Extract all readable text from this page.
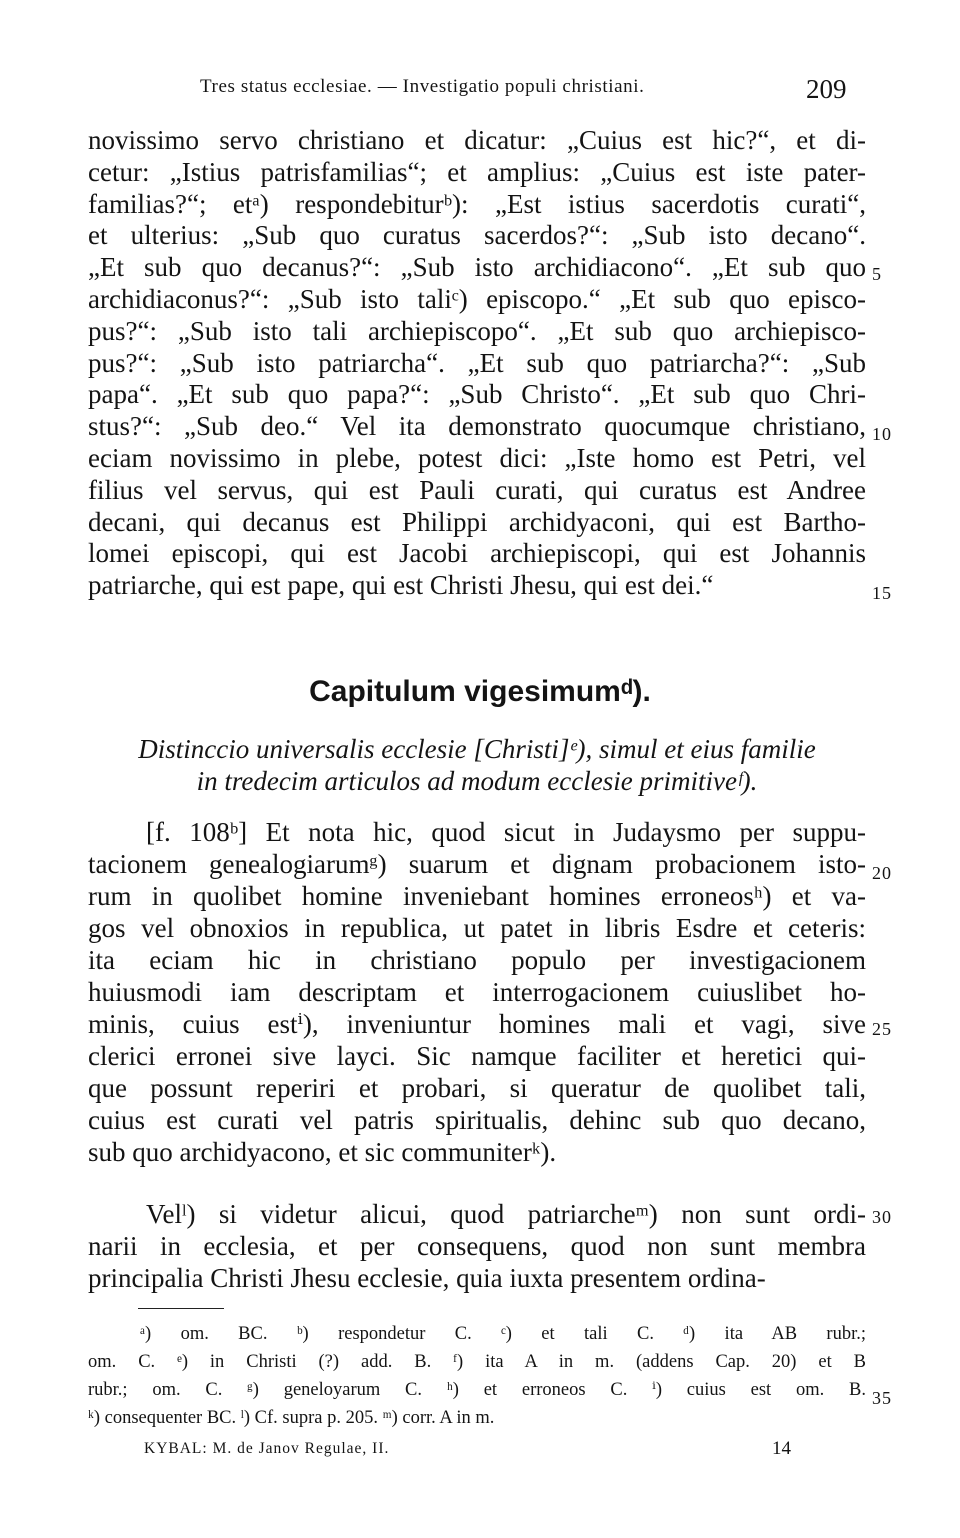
Tres status ecclesiae. — Investigatio populi christiani.	209
novissimo servo christiano et dicatur: „Cuius est hic?“, et di-
cetur: „Istius patrisfamilias“; et amplius: „Cuius est iste pater-
familias?“; etᵃ) respondebiturᵇ): „Est istius sacerdotis curati“,
et ulterius: „Sub quo curatus sacerdos?“: „Sub isto decano“.
„Et sub quo decanus?“: „Sub isto archidiacono“. „Et sub quo
archidiaconus?“: „Sub isto taliᶜ) episcopo.“ „Et sub quo episco-
pus?“: „Sub isto tali archiepiscopo“. „Et sub quo archiepisco-
pus?“: „Sub isto patriarcha“. „Et sub quo patriarcha?“: „Sub
papa“. „Et sub quo papa?“: „Sub Christo“. „Et sub quo Chri-
stus?“: „Sub deo.“ Vel ita demonstrato quocumque christiano,
eciam novissimo in plebe, potest dici: „Iste homo est Petri, vel
filius vel servus, qui est Pauli curati, qui curatus est Andree
decani, qui decanus est Philippi archidyaconi, qui est Bartho-
lomei episcopi, qui est Jacobi archiepiscopi, qui est Johannis
patriarche, qui est pape, qui est Christi Jhesu, qui est dei.“
5
10
15
Capitulum vigesimumᵈ).
Distinccio universalis ecclesie [Christi]ᵉ), simul et eius familie
in tredecim articulos ad modum ecclesie primitiveᶠ).
[f. 108ᵇ] Et nota hic, quod sicut in Judaysmo per suppu-
tacionem genealogiarumᵍ) suarum et dignam probacionem isto-
rum in quolibet homine inveniebant homines erroneosʰ) et va-
gos vel obnoxios in republica, ut patet in libris Esdre et ceteris:
ita eciam hic in christiano populo per investigacionem
huiusmodi iam descriptam et interrogacionem cuiuslibet ho-
minis, cuius estⁱ), inveniuntur homines mali et vagi, sive
clerici erronei sive layci. Sic namque faciliter et heretici qui-
que possunt reperiri et probari, si queratur de quolibet tali,
cuius est curati vel patris spiritualis, dehinc sub quo decano,
sub quo archidyacono, et sic communiterᵏ).
20
25
Velˡ) si videtur alicui, quod patriarcheᵐ) non sunt ordi-
narii in ecclesia, et per consequens, quod non sunt membra
principalia Christi Jhesu ecclesie, quia iuxta presentem ordina-
30
ᵃ) om. BC. ᵇ) respondetur C. ᶜ) et tali C. ᵈ) ita AB rubr.;
om. C. ᵉ) in Christi (?) add. B. ᶠ) ita A in m. (addens Cap. 20) et B
rubr.; om. C. ᵍ) geneloyarum C. ʰ) et erroneos C. ⁱ) cuius est om. B.
ᵏ) consequenter BC. ˡ) Cf. supra p. 205. ᵐ) corr. A in m.
35
KYBAL: M. de Janov Regulae, II.	14
